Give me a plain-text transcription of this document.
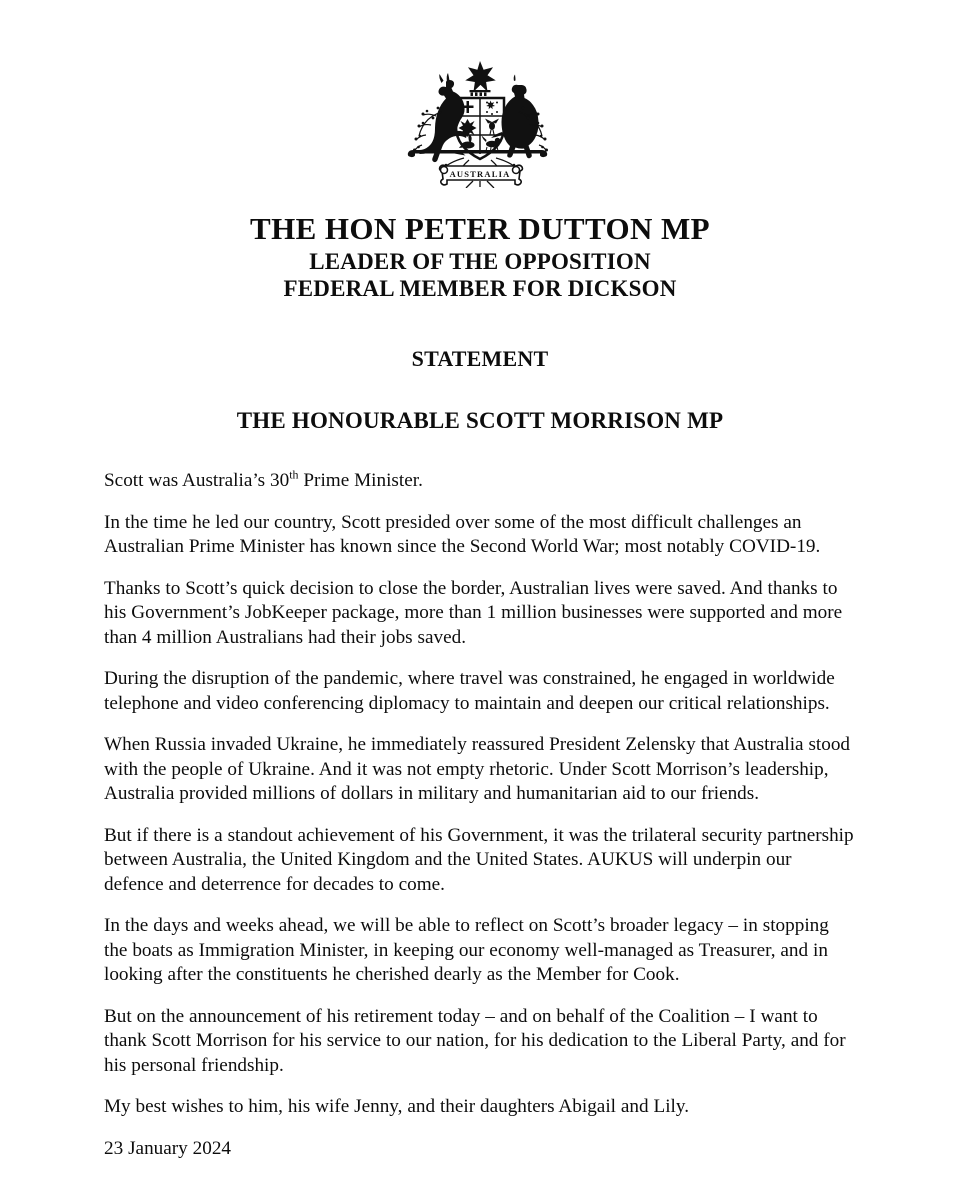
AUSTRALIA
THE HON PETER DUTTON MP
LEADER OF THE OPPOSITION
FEDERAL MEMBER FOR DICKSON
STATEMENT
THE HONOURABLE SCOTT MORRISON MP

Scott was Australia’s 30th Prime Minister.

In the time he led our country, Scott presided over some of the most difficult challenges an Australian Prime Minister has known since the Second World War; most notably COVID-19.

Thanks to Scott’s quick decision to close the border, Australian lives were saved. And thanks to his Government’s JobKeeper package, more than 1 million businesses were supported and more than 4 million Australians had their jobs saved.

During the disruption of the pandemic, where travel was constrained, he engaged in worldwide telephone and video conferencing diplomacy to maintain and deepen our critical relationships.

When Russia invaded Ukraine, he immediately reassured President Zelensky that Australia stood with the people of Ukraine. And it was not empty rhetoric. Under Scott Morrison’s leadership, Australia provided millions of dollars in military and humanitarian aid to our friends.

But if there is a standout achievement of his Government, it was the trilateral security partnership between Australia, the United Kingdom and the United States. AUKUS will underpin our defence and deterrence for decades to come.

In the days and weeks ahead, we will be able to reflect on Scott’s broader legacy – in stopping the boats as Immigration Minister, in keeping our economy well-managed as Treasurer, and in looking after the constituents he cherished dearly as the Member for Cook.

But on the announcement of his retirement today – and on behalf of the Coalition – I want to thank Scott Morrison for his service to our nation, for his dedication to the Liberal Party, and for his personal friendship.

My best wishes to him, his wife Jenny, and their daughters Abigail and Lily.

23 January 2024
